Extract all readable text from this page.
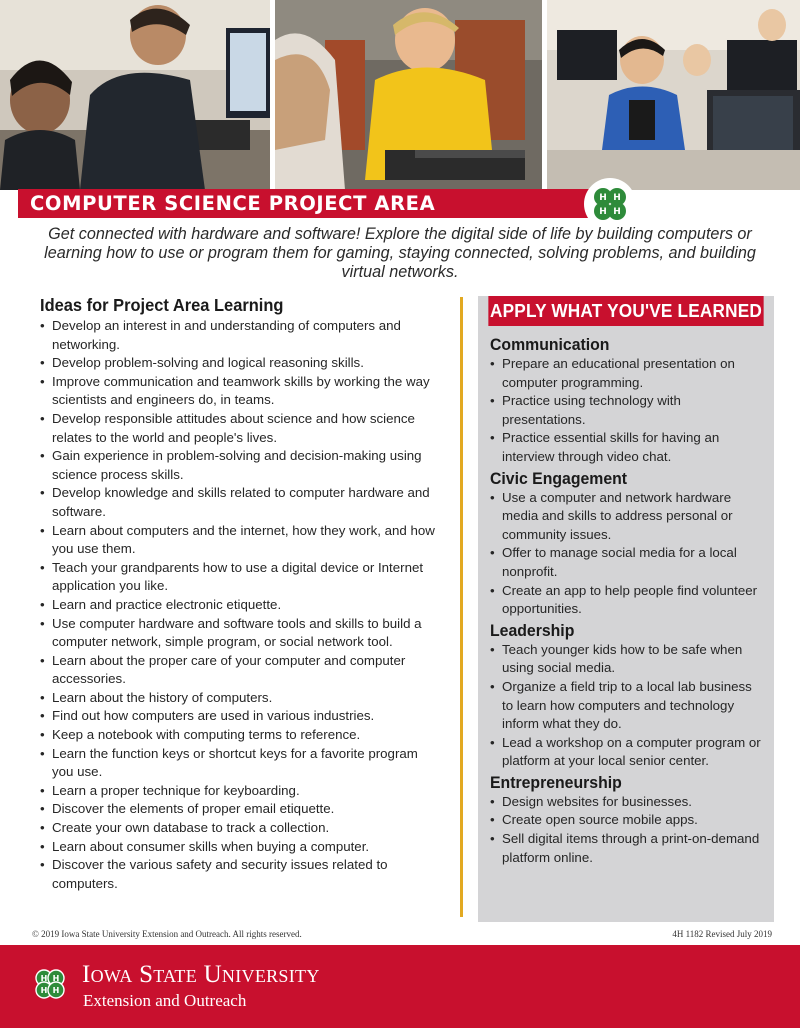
COMPUTER SCIENCE PROJECT AREA	H H
H H

Get connected with hardware and software! Explore the digital side of life by building computers or learning how to use or program them for gaming, staying connected, solving problems, and building virtual networks.

Ideas for Project Area Learning
• Develop an interest in and understanding of computers and networking.
• Develop problem-solving and logical reasoning skills.
• Improve communication and teamwork skills by working the way scientists and engineers do, in teams.
• Develop responsible attitudes about science and how science relates to the world and people's lives.
• Gain experience in problem-solving and decision-making using science process skills.
• Develop knowledge and skills related to computer hardware and software.
• Learn about computers and the internet, how they work, and how you use them.
• Teach your grandparents how to use a digital device or Internet application you like.
• Learn and practice electronic etiquette.
• Use computer hardware and software tools and skills to build a computer network, simple program, or social network tool.
• Learn about the proper care of your computer and computer accessories.
• Learn about the history of computers.
• Find out how computers are used in various industries.
• Keep a notebook with computing terms to reference.
• Learn the function keys or shortcut keys for a favorite program you use.
• Learn a proper technique for keyboarding.
• Discover the elements of proper email etiquette.
• Create your own database to track a collection.
• Learn about consumer skills when buying a computer.
• Discover the various safety and security issues related to computers.
APPLY WHAT YOU'VE LEARNED
Communication
• Prepare an educational presentation on computer programming.
• Practice using technology with presentations.
• Practice essential skills for having an interview through video chat.
Civic Engagement
• Use a computer and network hardware media and skills to address personal or community issues.
• Offer to manage social media for a local nonprofit.
• Create an app to help people find volunteer opportunities.
Leadership
• Teach younger kids how to be safe when using social media.
• Organize a field trip to a local lab business to learn how computers and technology inform what they do.
• Lead a workshop on a computer program or platform at your local senior center.
Entrepreneurship
• Design websites for businesses.
• Create open source mobile apps.
• Sell digital items through a print-on-demand platform online.
© 2019 Iowa State University Extension and Outreach. All rights reserved.	4H 1182 Revised July 2019
H H
H H
Iowa State University
Extension and Outreach
